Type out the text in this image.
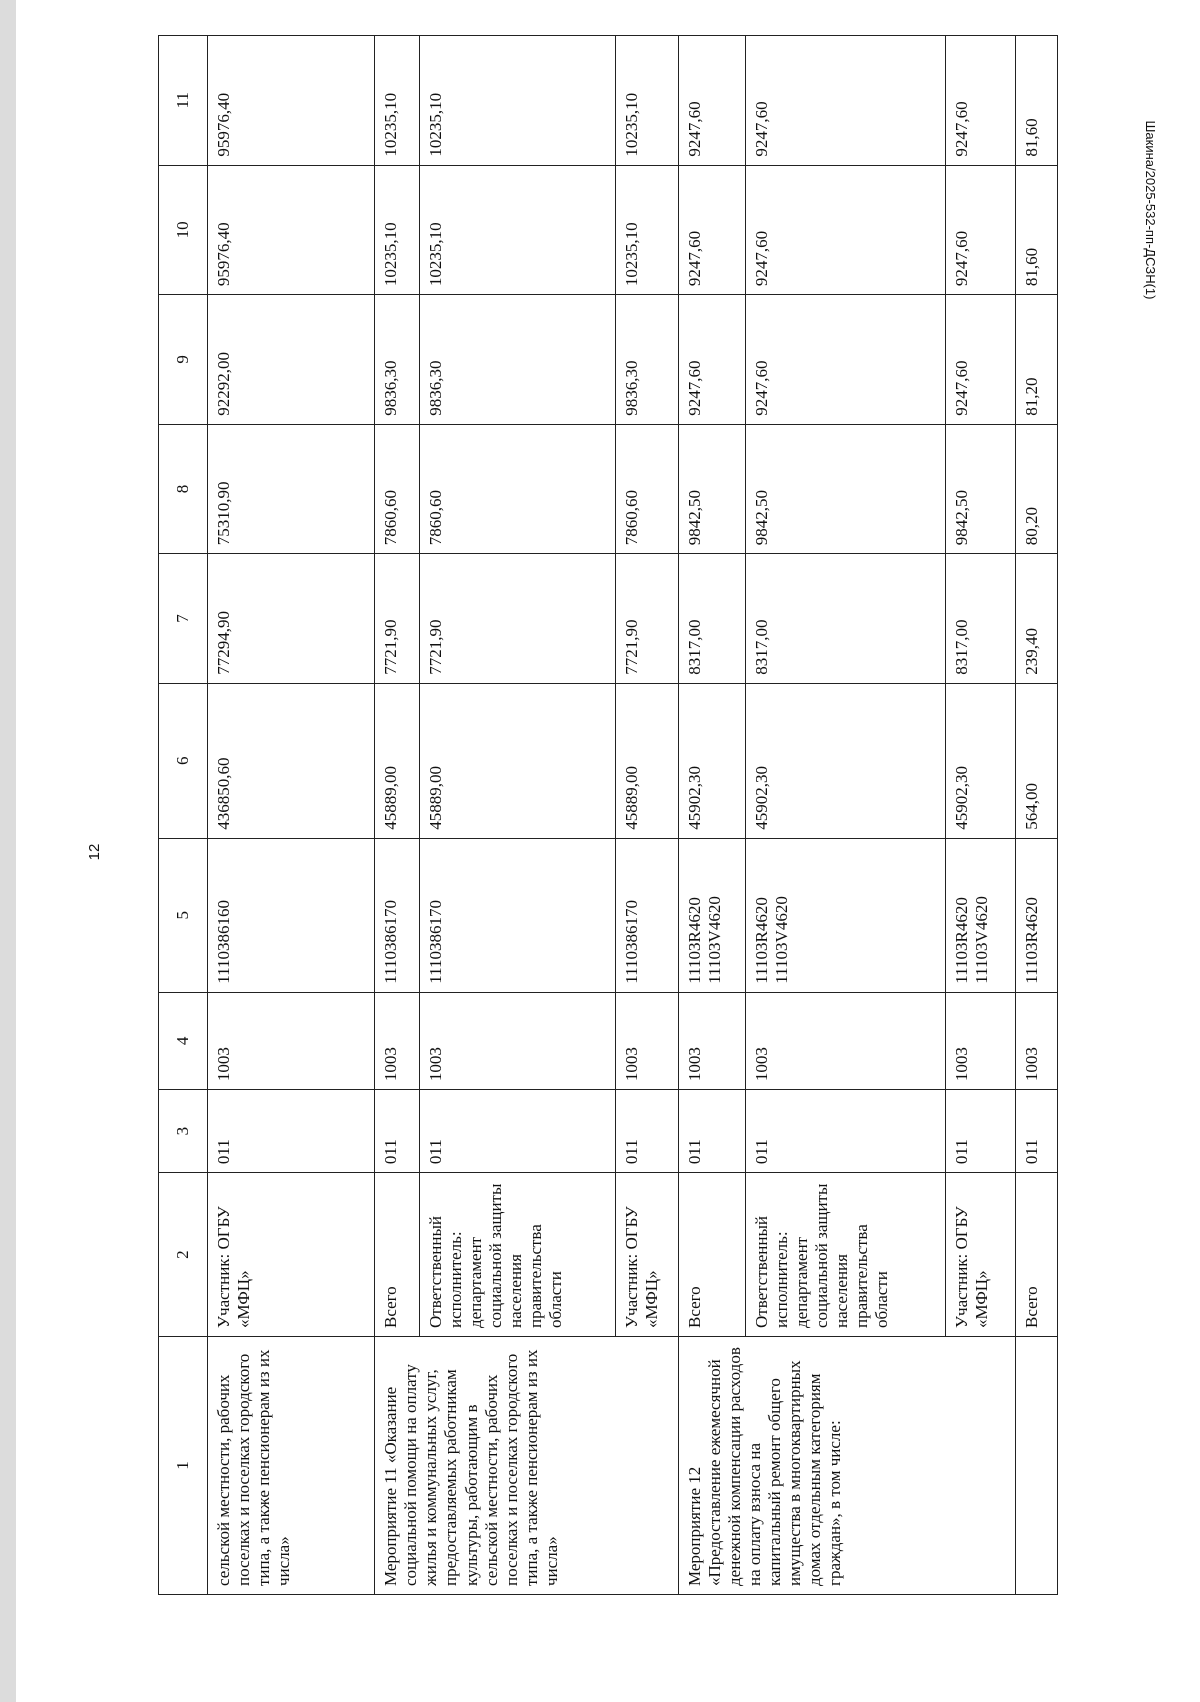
12
Шакина/2025-532-пп-ДСЗН(1)
1	2	3	4	5	6	7	8	9	10	11
сельской местности, рабочих поселках и поселках городского типа, а также пенсионерам из их числа»	Участник: ОГБУ «МФЦ»	011	1003	1110386160	436850,60	77294,90	75310,90	92292,00	95976,40	95976,40
Мероприятие 11 «Оказание социальной помощи на оплату жилья и коммунальных услуг, предоставляемых работникам культуры, работающим в сельской местности, рабочих поселках и поселках городского типа, а также пенсионерам из их числа»	Всего	011	1003	1110386170	45889,00	7721,90	7860,60	9836,30	10235,10	10235,10
	Ответственный исполнитель: департамент социальной защиты населения правительства области	011	1003	1110386170	45889,00	7721,90	7860,60	9836,30	10235,10	10235,10
	Участник: ОГБУ «МФЦ»	011	1003	1110386170	45889,00	7721,90	7860,60	9836,30	10235,10	10235,10
Мероприятие 12 «Предоставление ежемесячной денежной компенсации расходов на оплату взноса на капитальный ремонт общего имущества в многоквартирных домах отдельным категориям граждан», в том числе:	Всего	011	1003	11103R4620 11103V4620	45902,30	8317,00	9842,50	9247,60	9247,60	9247,60
	Ответственный исполнитель: департамент социальной защиты населения правительства области	011	1003	11103R4620 11103V4620	45902,30	8317,00	9842,50	9247,60	9247,60	9247,60
	Участник: ОГБУ «МФЦ»	011	1003	11103R4620 11103V4620	45902,30	8317,00	9842,50	9247,60	9247,60	9247,60
	Всего	011	1003	11103R4620	564,00	239,40	80,20	81,20	81,60	81,60
